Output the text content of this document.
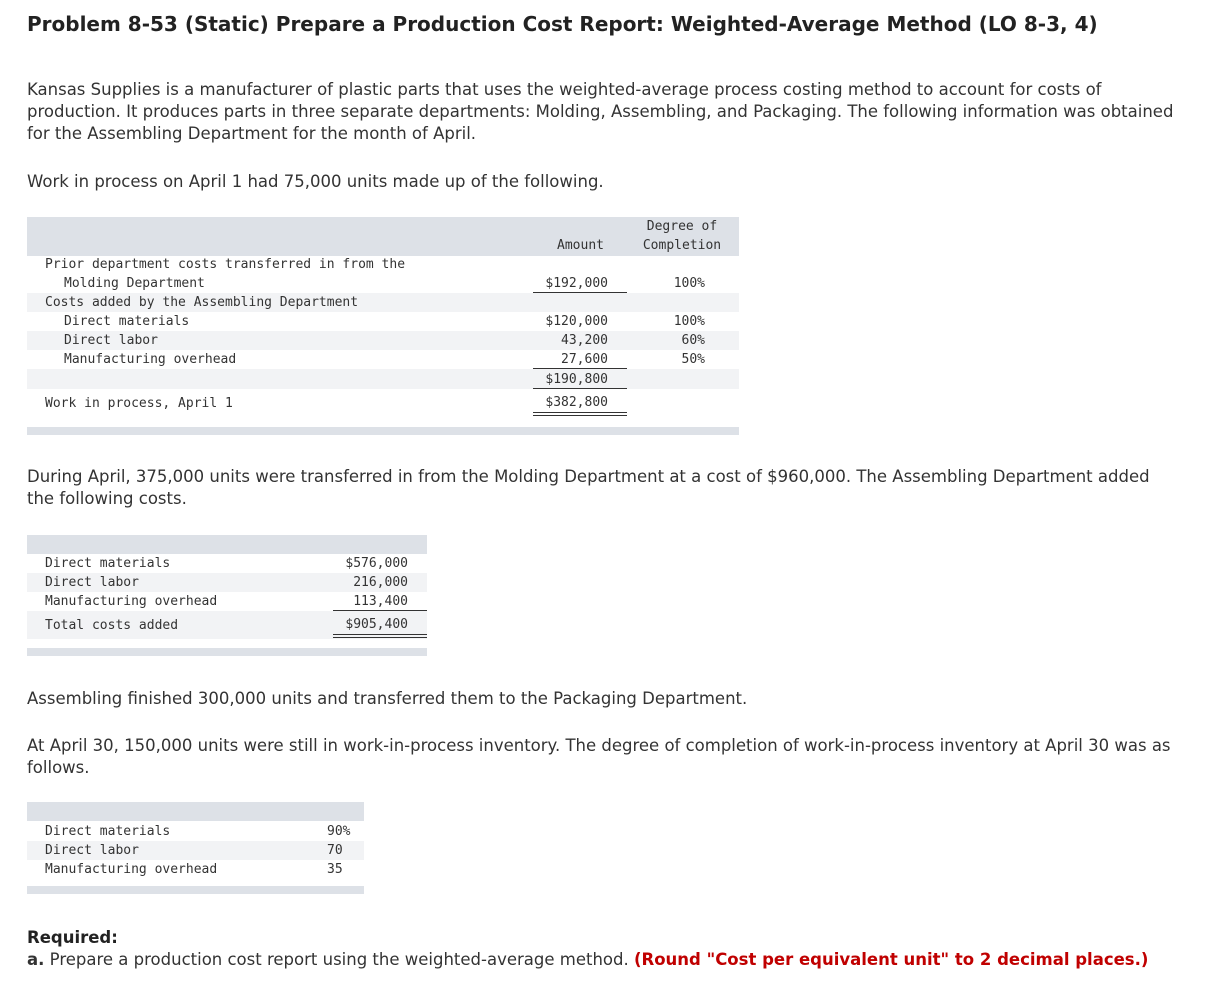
Problem 8-53 (Static) Prepare a Production Cost Report: Weighted-Average Method (LO 8-3, 4)
Kansas Supplies is a manufacturer of plastic parts that uses the weighted-average process costing method to account for costs of production. It produces parts in three separate departments: Molding, Assembling, and Packaging. The following information was obtained for the Assembling Department for the month of April.
Work in process on April 1 had 75,000 units made up of the following.
Amount
Degree of
Completion
Prior department costs transferred in from the
Molding Department	$192,000	100%
Costs added by the Assembling Department
Direct materials	$120,000	100%
Direct labor	43,200	60%
Manufacturing overhead	27,600	50%
$190,800
Work in process, April 1	$382,800
During April, 375,000 units were transferred in from the Molding Department at a cost of $960,000. The Assembling Department added the following costs.
Direct materials	$576,000
Direct labor	216,000
Manufacturing overhead	113,400
Total costs added	$905,400
Assembling finished 300,000 units and transferred them to the Packaging Department.
At April 30, 150,000 units were still in work-in-process inventory. The degree of completion of work-in-process inventory at April 30 was as follows.
Direct materials	90%
Direct labor	70
Manufacturing overhead	35
Required:
a. Prepare a production cost report using the weighted-average method. (Round "Cost per equivalent unit" to 2 decimal places.)
